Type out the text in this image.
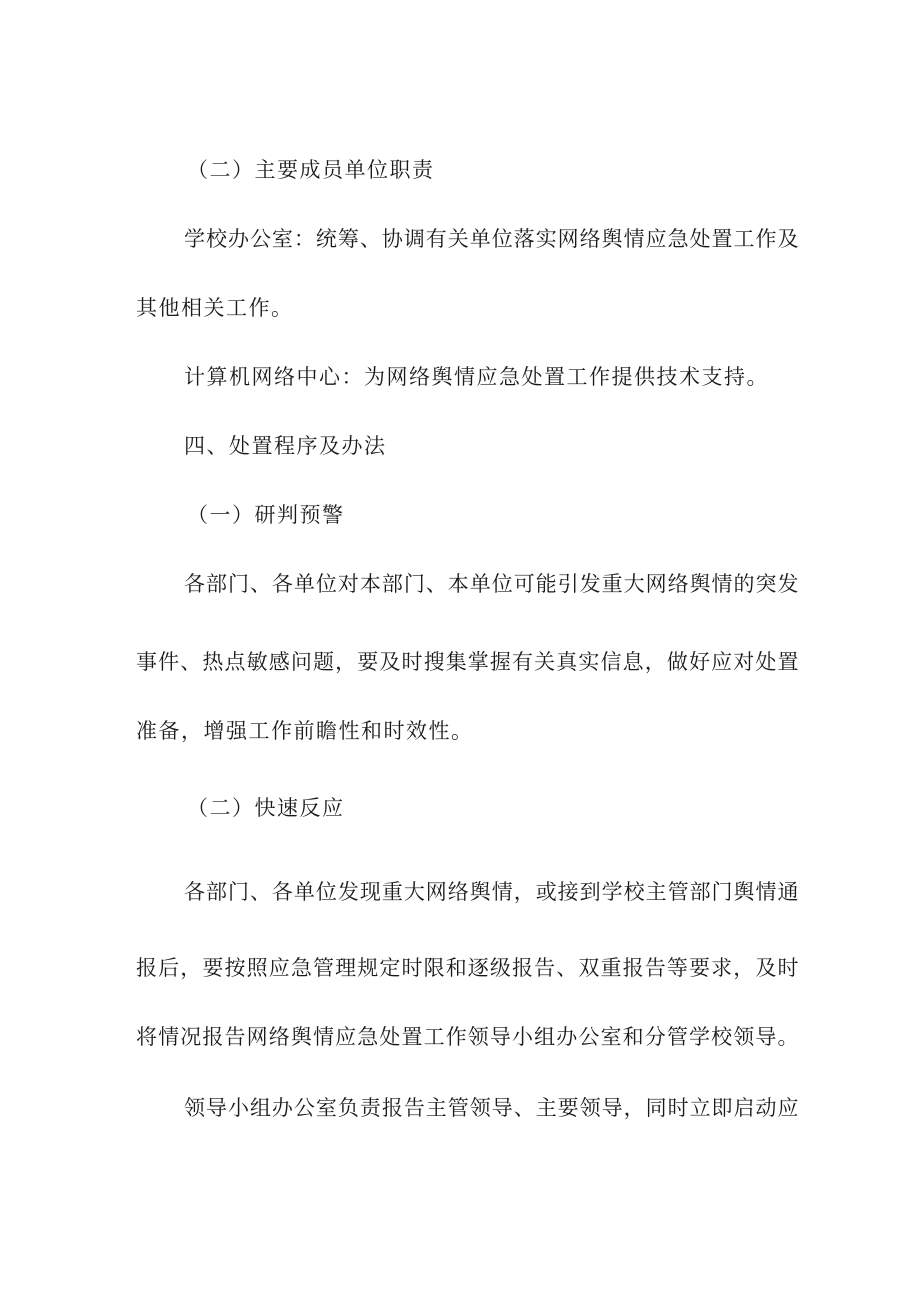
（二）主要成员单位职责
学校办公室：统筹、协调有关单位落实网络舆情应急处置工作及
其他相关工作。
计算机网络中心：为网络舆情应急处置工作提供技术支持。
四、处置程序及办法
（一）研判预警
各部门、各单位对本部门、本单位可能引发重大网络舆情的突发
事件、热点敏感问题，要及时搜集掌握有关真实信息，做好应对处置
准备，增强工作前瞻性和时效性。
（二）快速反应
各部门、各单位发现重大网络舆情，或接到学校主管部门舆情通
报后，要按照应急管理规定时限和逐级报告、双重报告等要求，及时
将情况报告网络舆情应急处置工作领导小组办公室和分管学校领导。
领导小组办公室负责报告主管领导、主要领导，同时立即启动应
